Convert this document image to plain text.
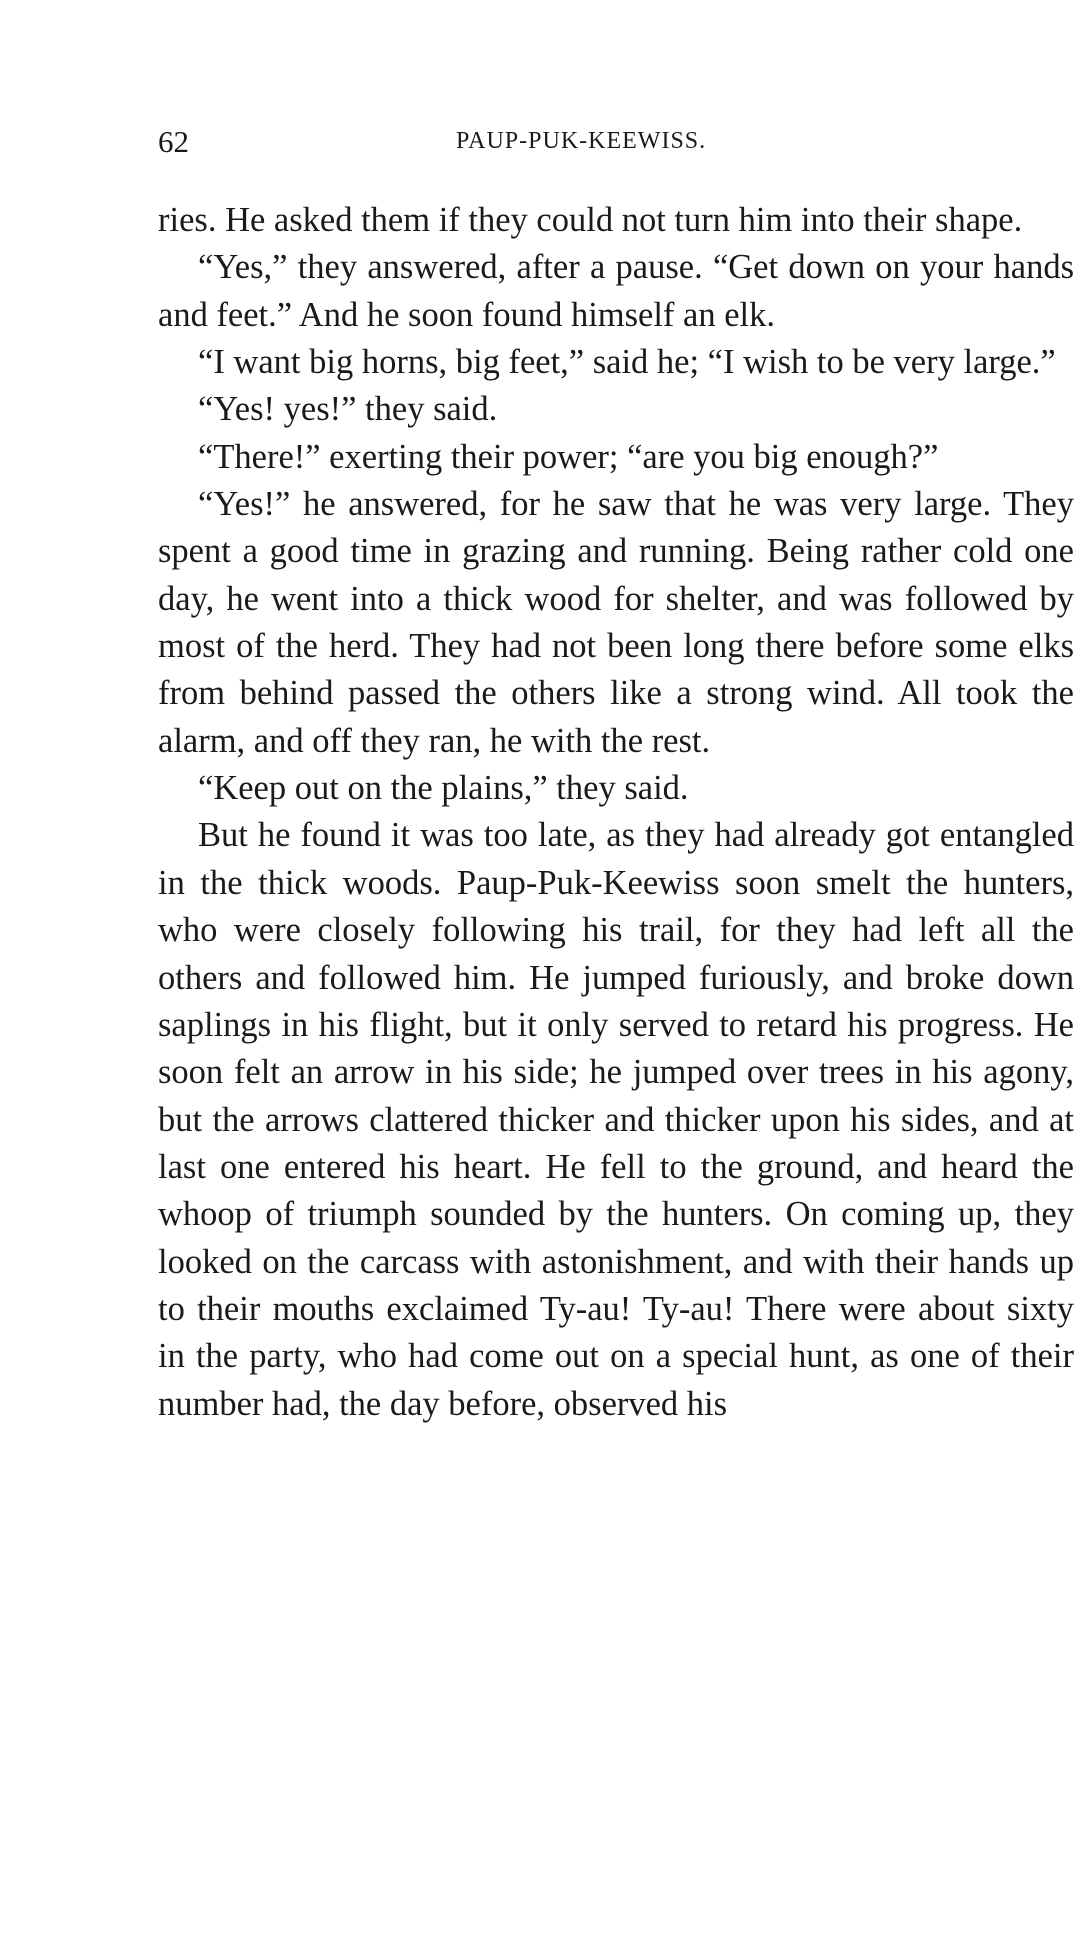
62	PAUP-PUK-KEEWISS.

ries. He asked them if they could not turn him into their shape.

“Yes,” they answered, after a pause. “Get down on your hands and feet.” And he soon found himself an elk.

“I want big horns, big feet,” said he; “I wish to be very large.”

“Yes! yes!” they said.

“There!” exerting their power; “are you big enough?”

“Yes!” he answered, for he saw that he was very large. They spent a good time in grazing and running. Being rather cold one day, he went into a thick wood for shelter, and was followed by most of the herd. They had not been long there before some elks from behind passed the others like a strong wind. All took the alarm, and off they ran, he with the rest.

“Keep out on the plains,” they said.

But he found it was too late, as they had already got entangled in the thick woods. Paup-Puk-Keewiss soon smelt the hunters, who were closely following his trail, for they had left all the others and followed him. He jumped furiously, and broke down saplings in his flight, but it only served to retard his progress. He soon felt an arrow in his side; he jumped over trees in his agony, but the arrows clattered thicker and thicker upon his sides, and at last one entered his heart. He fell to the ground, and heard the whoop of triumph sounded by the hunters. On coming up, they looked on the carcass with astonishment, and with their hands up to their mouths exclaimed Ty-au! Ty-au! There were about sixty in the party, who had come out on a special hunt, as one of their number had, the day before, observed his
